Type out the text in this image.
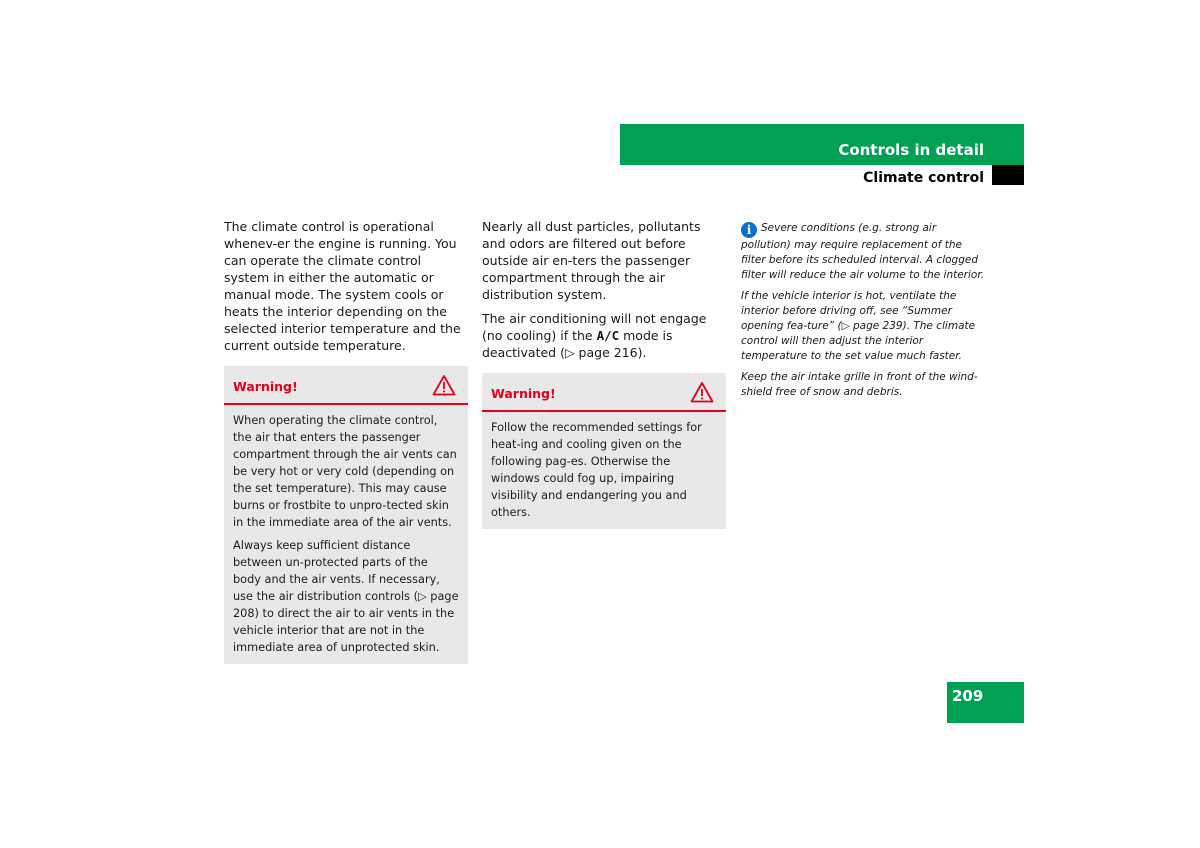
Controls in detail
Climate control

The climate control is operational whenev-er the engine is running. You can operate the climate control system in either the automatic or manual mode. The system cools or heats the interior depending on the selected interior temperature and the current outside temperature.

Warning!

When operating the climate control, the air that enters the passenger compartment through the air vents can be very hot or very cold (depending on the set temperature). This may cause burns or frostbite to unpro-tected skin in the immediate area of the air vents.

Always keep sufficient distance between un-protected parts of the body and the air vents. If necessary, use the air distribution controls (▷ page 208) to direct the air to air vents in the vehicle interior that are not in the immediate area of unprotected skin.

Nearly all dust particles, pollutants and odors are filtered out before outside air en-ters the passenger compartment through the air distribution system.

The air conditioning will not engage (no cooling) if the A/C mode is deactivated (▷ page 216).

Warning!

Follow the recommended settings for heat-ing and cooling given on the following pag-es. Otherwise the windows could fog up, impairing visibility and endangering you and others.

i Severe conditions (e.g. strong air pollution) may require replacement of the filter before its scheduled interval. A clogged filter will reduce the air volume to the interior.

If the vehicle interior is hot, ventilate the interior before driving off, see “Summer opening fea-ture” (▷ page 239). The climate control will then adjust the interior temperature to the set value much faster.

Keep the air intake grille in front of the wind-shield free of snow and debris.

209
